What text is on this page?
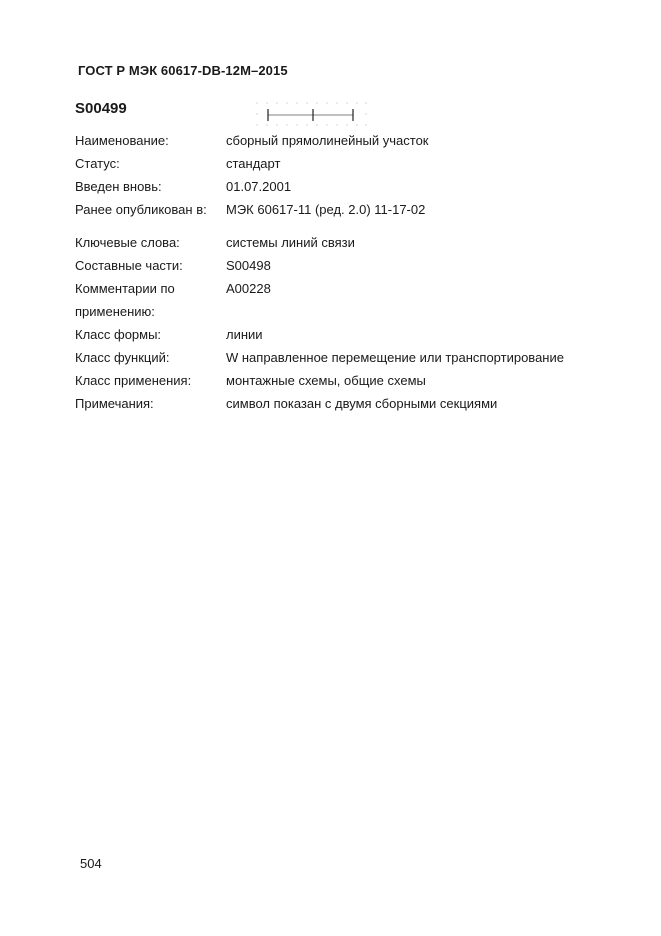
ГОСТ Р МЭК 60617-DB-12M–2015
S00499
Наименование:	сборный прямолинейный участок
Статус:	стандарт
Введен вновь:	01.07.2001
Ранее опубликован в: МЭК 60617-11 (ред. 2.0) 11-17-02
Ключевые слова:	системы линий связи
Составные части:	S00498
Комментарии по	A00228
применению:
Класс формы:	линии
Класс функций:	W направленное перемещение или транспортирование
Класс применения:	монтажные схемы, общие схемы
Примечания:	символ показан с двумя сборными секциями
504
